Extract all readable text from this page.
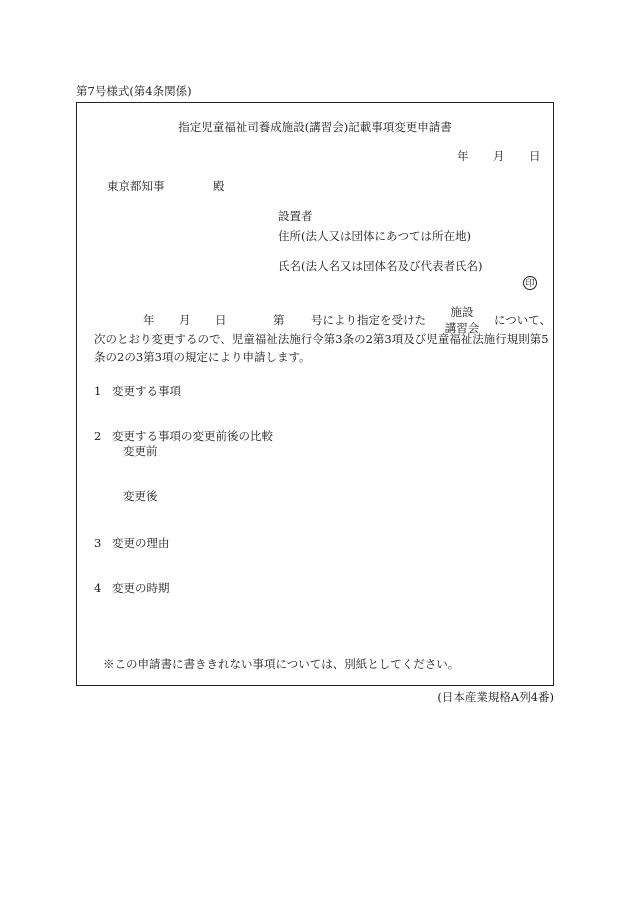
第7号様式(第4条関係)
指定児童福祉司養成施設(講習会)記載事項変更申請書
年 月 日
東京都知事	殿
設置者
住所(法人又は団体にあつては所在地)
氏名(法人名又は団体名及び代表者氏名)
印
年 月 日	第 号により指定を受けた
施設
講習会
について、
次のとおり変更するので、児童福祉法施行令第3条の2第3項及び児童福祉法施行規則第5
条の2の3第3項の規定により申請します。
1 変更する事項
2 変更する事項の変更前後の比較
変更前
変更後
3 変更の理由
4 変更の時期
※この申請書に書ききれない事項については、別紙としてください。
(日本産業規格A列4番)
